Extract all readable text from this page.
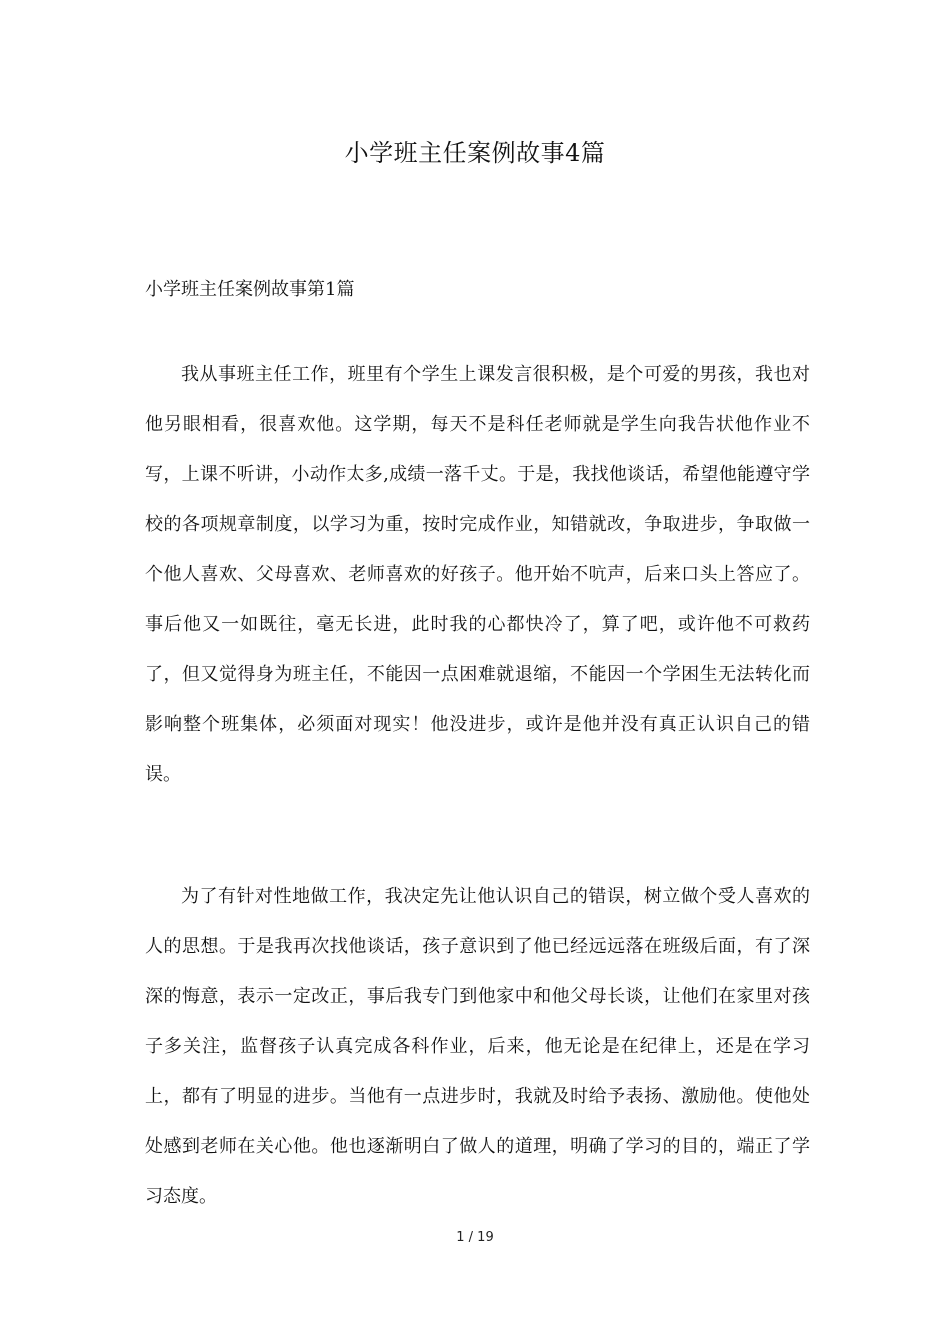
小学班主任案例故事4篇
小学班主任案例故事第1篇

我从事班主任工作，班里有个学生上课发言很积极，是个可爱的男孩，我也对他另眼相看，很喜欢他。这学期，每天不是科任老师就是学生向我告状他作业不写，上课不听讲，小动作太多,成绩一落千丈。于是，我找他谈话，希望他能遵守学校的各项规章制度，以学习为重，按时完成作业，知错就改，争取进步，争取做一个他人喜欢、父母喜欢、老师喜欢的好孩子。他开始不吭声，后来口头上答应了。事后他又一如既往，毫无长进，此时我的心都快冷了，算了吧，或许他不可救药了，但又觉得身为班主任，不能因一点困难就退缩，不能因一个学困生无法转化而影响整个班集体，必须面对现实！他没进步，或许是他并没有真正认识自己的错误。

为了有针对性地做工作，我决定先让他认识自己的错误，树立做个受人喜欢的人的思想。于是我再次找他谈话，孩子意识到了他已经远远落在班级后面，有了深深的悔意，表示一定改正，事后我专门到他家中和他父母长谈，让他们在家里对孩子多关注，监督孩子认真完成各科作业，后来，他无论是在纪律上，还是在学习上，都有了明显的进步。当他有一点进步时，我就及时给予表扬、激励他。使他处处感到老师在关心他。他也逐渐明白了做人的道理，明确了学习的目的，端正了学习态度。

1 / 19
